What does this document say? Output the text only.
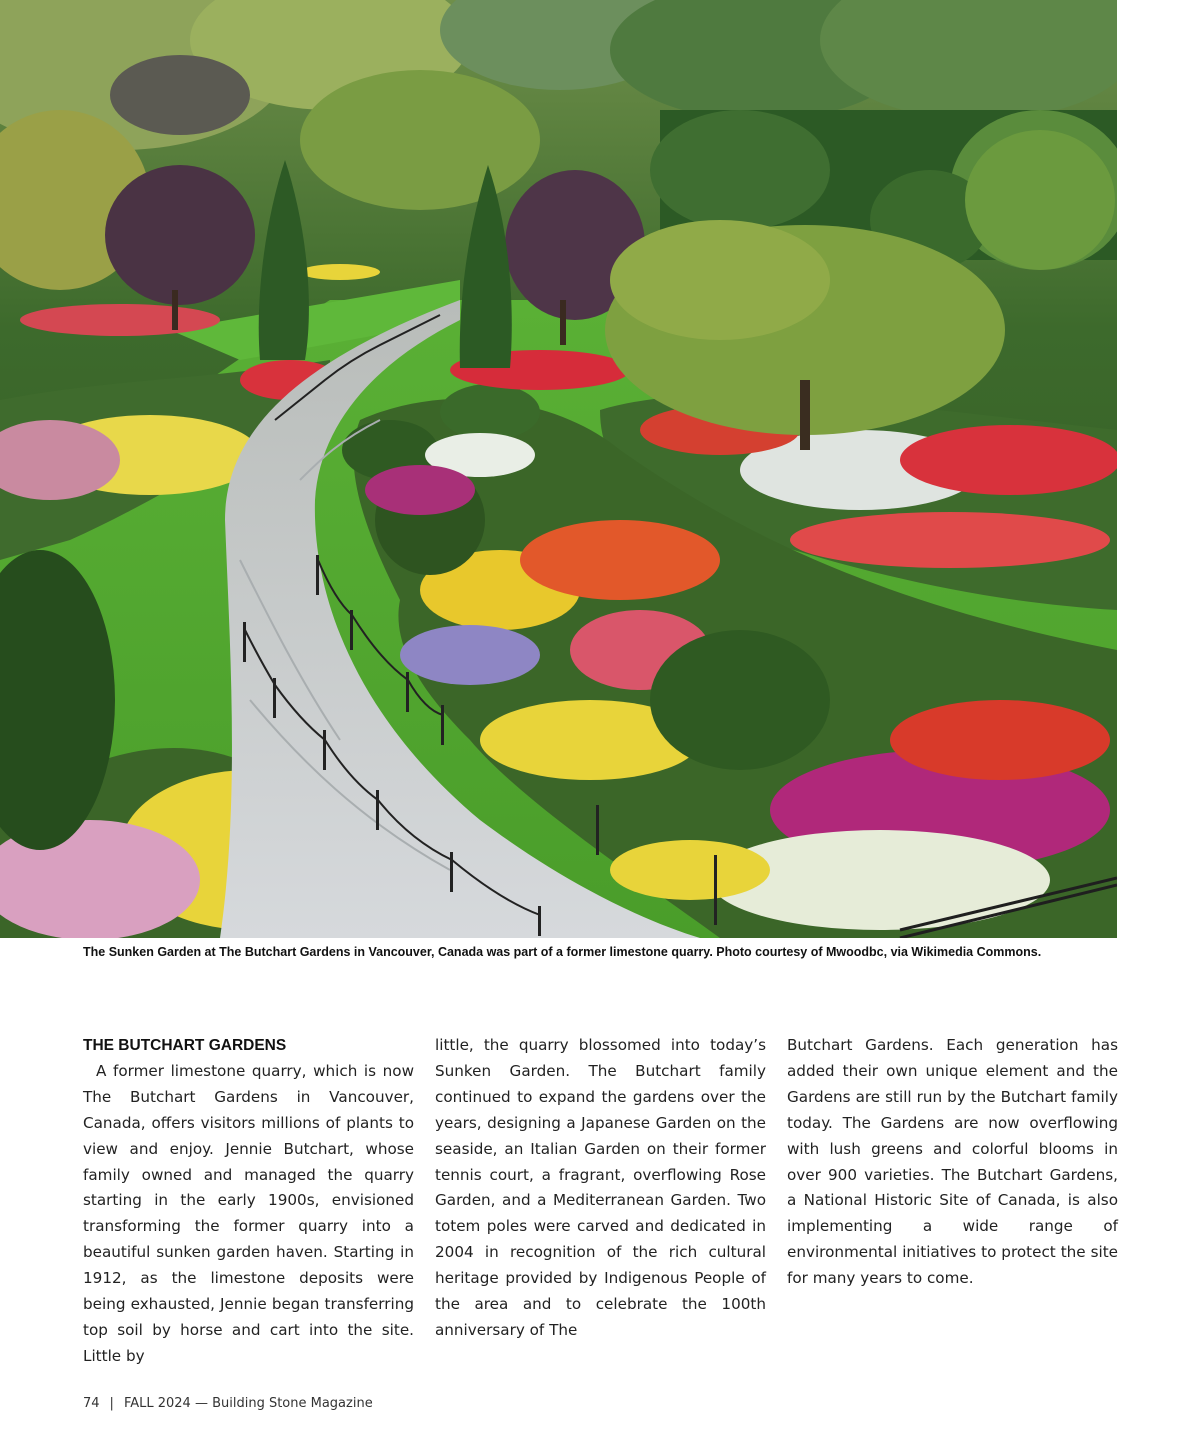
The Sunken Garden at The Butchart Gardens in Vancouver, Canada was part of a former limestone quarry. Photo courtesy of Mwoodbc, via Wikimedia Commons.
THE BUTCHART GARDENS

A former limestone quarry, which is now The Butchart Gardens in Vancouver, Canada, offers visitors millions of plants to view and enjoy. Jennie Butchart, whose family owned and managed the quarry starting in the early 1900s, envisioned transforming the former quarry into a beautiful sunken garden haven. Starting in 1912, as the limestone deposits were being exhausted, Jennie began transferring top soil by horse and cart into the site. Little by

little, the quarry blossomed into today’s Sunken Garden. The Butchart family continued to expand the gardens over the years, designing a Japanese Garden on the seaside, an Italian Garden on their former tennis court, a fragrant, overflowing Rose Garden, and a Mediterranean Garden. Two totem poles were carved and dedicated in 2004 in recognition of the rich cultural heritage provided by Indigenous People of the area and to celebrate the 100th anniversary of The

Butchart Gardens. Each generation has added their own unique element and the Gardens are still run by the Butchart family today. The Gardens are now overflowing with lush greens and colorful blooms in over 900 varieties. The Butchart Gardens, a National Historic Site of Canada, is also implementing a wide range of environmental initiatives to protect the site for many years to come.

74 | FALL 2024 — Building Stone Magazine
